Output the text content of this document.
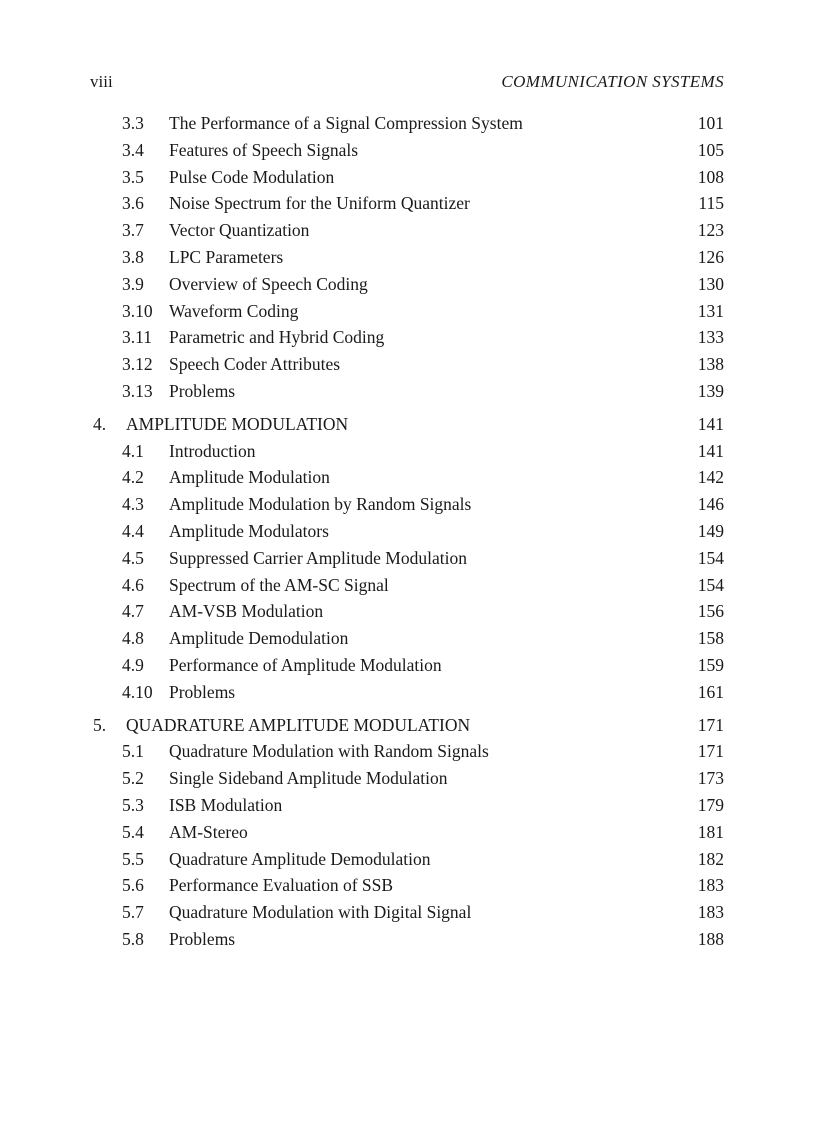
viii	COMMUNICATION SYSTEMS
3.3 The Performance of a Signal Compression System	101
3.4 Features of Speech Signals	105
3.5 Pulse Code Modulation	108
3.6 Noise Spectrum for the Uniform Quantizer	115
3.7 Vector Quantization	123
3.8 LPC Parameters	126
3.9 Overview of Speech Coding	130
3.10 Waveform Coding	131
3.11 Parametric and Hybrid Coding	133
3.12 Speech Coder Attributes	138
3.13 Problems	139
4. AMPLITUDE MODULATION	141
4.1 Introduction	141
4.2 Amplitude Modulation	142
4.3 Amplitude Modulation by Random Signals	146
4.4 Amplitude Modulators	149
4.5 Suppressed Carrier Amplitude Modulation	154
4.6 Spectrum of the AM-SC Signal	154
4.7 AM-VSB Modulation	156
4.8 Amplitude Demodulation	158
4.9 Performance of Amplitude Modulation	159
4.10 Problems	161
5. QUADRATURE AMPLITUDE MODULATION	171
5.1 Quadrature Modulation with Random Signals	171
5.2 Single Sideband Amplitude Modulation	173
5.3 ISB Modulation	179
5.4 AM-Stereo	181
5.5 Quadrature Amplitude Demodulation	182
5.6 Performance Evaluation of SSB	183
5.7 Quadrature Modulation with Digital Signal	183
5.8 Problems	188
